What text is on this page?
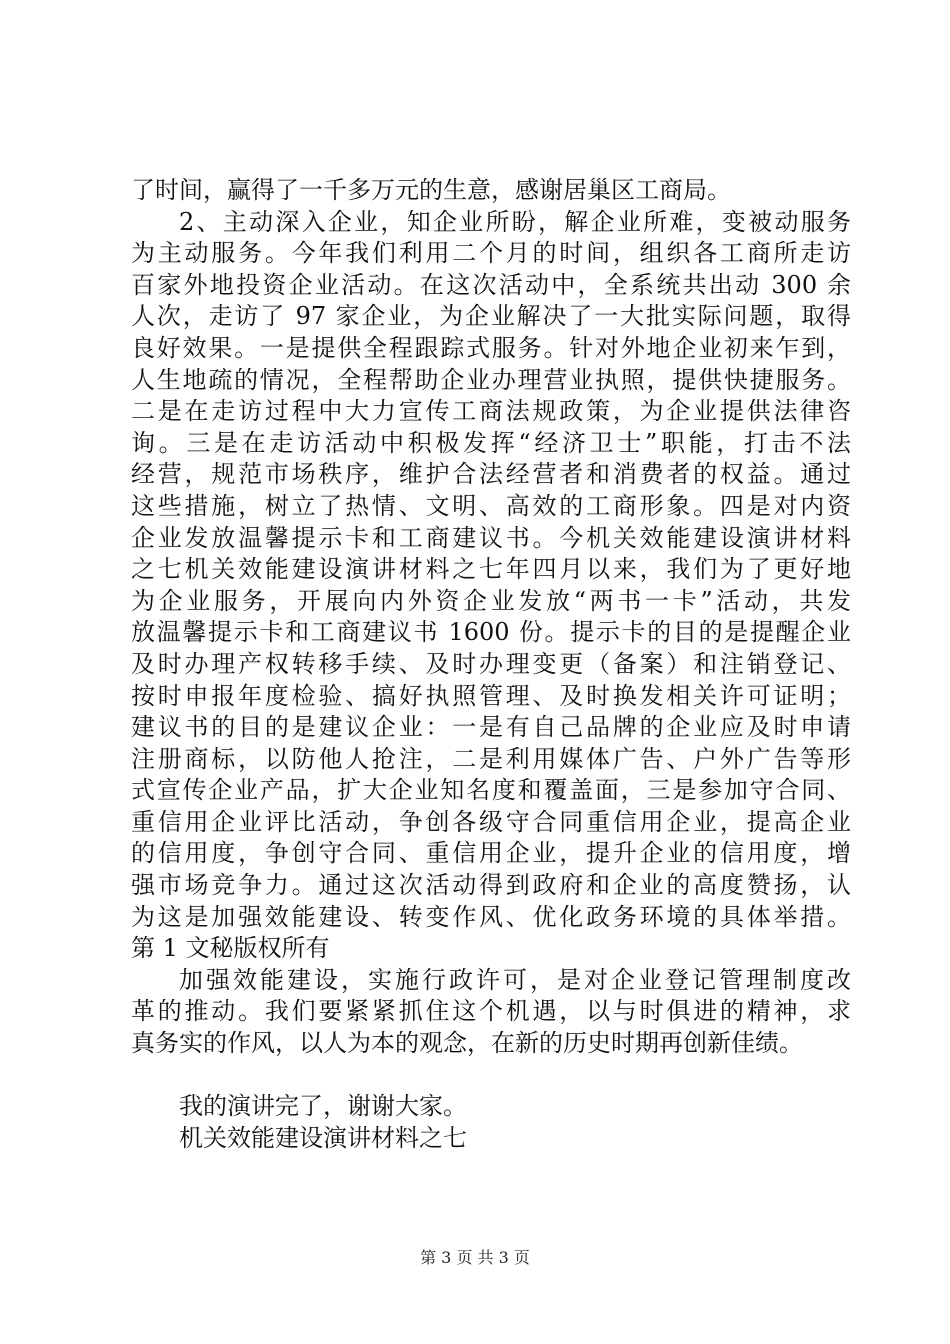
了时间，赢得了一千多万元的生意，感谢居巢区工商局。
2、主动深入企业，知企业所盼，解企业所难，变被动服务
为主动服务。今年我们利用二个月的时间，组织各工商所走访
百家外地投资企业活动。在这次活动中，全系统共出动 300 余
人次，走访了 97 家企业，为企业解决了一大批实际问题，取得
良好效果。一是提供全程跟踪式服务。针对外地企业初来乍到，
人生地疏的情况，全程帮助企业办理营业执照，提供快捷服务。
二是在走访过程中大力宣传工商法规政策，为企业提供法律咨
询。三是在走访活动中积极发挥“经济卫士”职能，打击不法
经营，规范市场秩序，维护合法经营者和消费者的权益。通过
这些措施，树立了热情、文明、高效的工商形象。四是对内资
企业发放温馨提示卡和工商建议书。今机关效能建设演讲材料
之七机关效能建设演讲材料之七年四月以来，我们为了更好地
为企业服务，开展向内外资企业发放“两书一卡”活动，共发
放温馨提示卡和工商建议书 1600 份。提示卡的目的是提醒企业
及时办理产权转移手续、及时办理变更（备案）和注销登记、
按时申报年度检验、搞好执照管理、及时换发相关许可证明；
建议书的目的是建议企业：一是有自己品牌的企业应及时申请
注册商标，以防他人抢注，二是利用媒体广告、户外广告等形
式宣传企业产品，扩大企业知名度和覆盖面，三是参加守合同、
重信用企业评比活动，争创各级守合同重信用企业，提高企业
的信用度，争创守合同、重信用企业，提升企业的信用度，增
强市场竞争力。通过这次活动得到政府和企业的高度赞扬，认
为这是加强效能建设、转变作风、优化政务环境的具体举措。
第 1 文秘版权所有
加强效能建设，实施行政许可，是对企业登记管理制度改
革的推动。我们要紧紧抓住这个机遇，以与时俱进的精神，求
真务实的作风，以人为本的观念，在新的历史时期再创新佳绩。
我的演讲完了，谢谢大家。
机关效能建设演讲材料之七
第 3 页 共 3 页
